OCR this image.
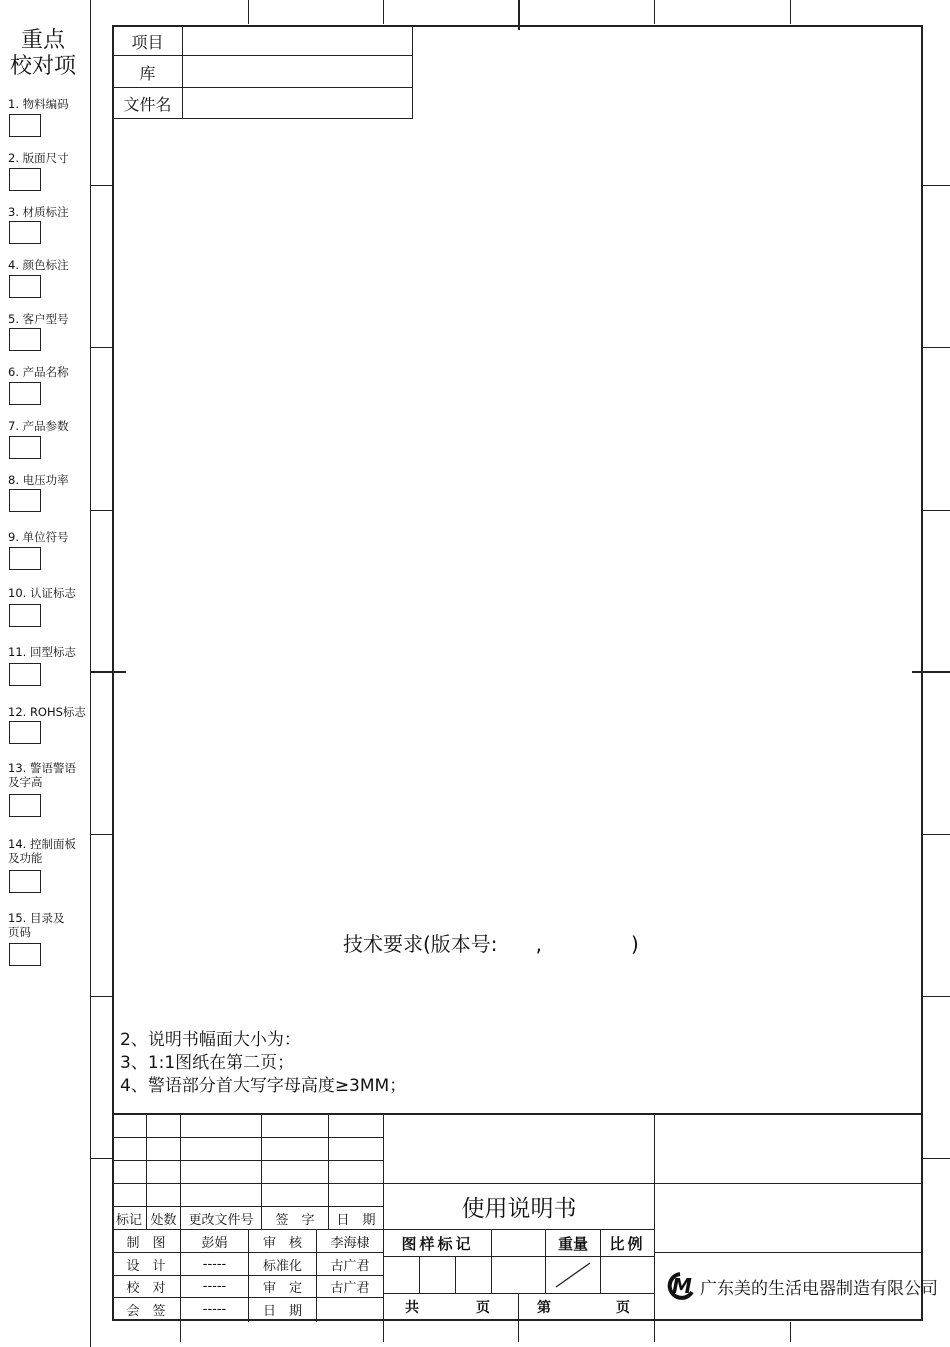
重点
校对项
1. 物料编码
2. 版面尺寸
3. 材质标注
4. 颜色标注
5. 客户型号
6. 产品名称
7. 产品参数
8. 电压功率
9. 单位符号
10. 认证标志
11. 回型标志
12. ROHS标志
13. 警语警语
及字高
14. 控制面板
及功能
15. 目录及
页码
项目
库
文件名
技术要求(版本号:      ,              )
2、说明书幅面大小为：
3、1:1图纸在第二页；
4、警语部分首大写字母高度≥3MM；
标记 处数 更改文件号	签　字	日　期
制　图	彭娟	审　核	李海棣
设　计	-----	标准化	古广君
校　对	-----	审　定	古广君
会　签	-----	日　期
使用说明书
图样标记	重量	比例
共	页	第	页
M 广东美的生活电器制造有限公司
